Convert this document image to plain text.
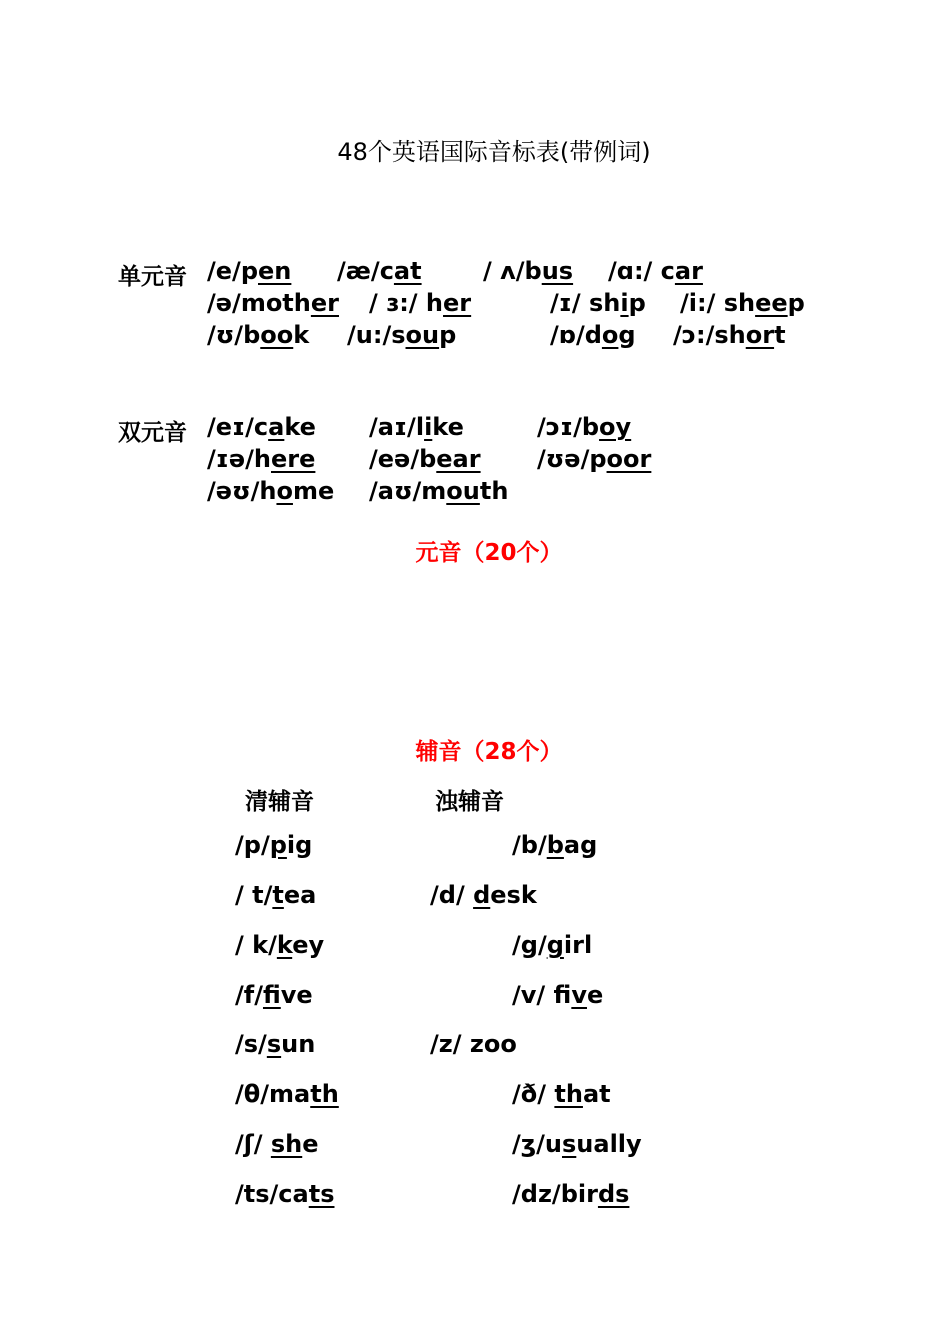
48个英语国际音标表(带例词)
单元音 /e/pen /æ/cat	/ ʌ/bus /ɑ:/ car
/ə/mother / ɜ:/ her	/ɪ/ ship /i:/ sheep
/ʊ/book /u:/soup	/ɒ/dog /ɔ:/short
双元音 /eɪ/cake /aɪ/like	/ɔɪ/boy
/ɪə/here /eə/bear /ʊə/poor
/əʊ/home /aʊ/mouth
元音（20个）
辅音（28个）
清辅音	浊辅音
/p/pig	/b/bag
/ t/tea	/d/ desk
/ k/key	/g/girl
/f/five	/v/ five
/s/sun	/z/ zoo
/θ/math	/ð/ that
/ʃ/ she	/ʒ/usually
/ts/cats	/dz/birds
